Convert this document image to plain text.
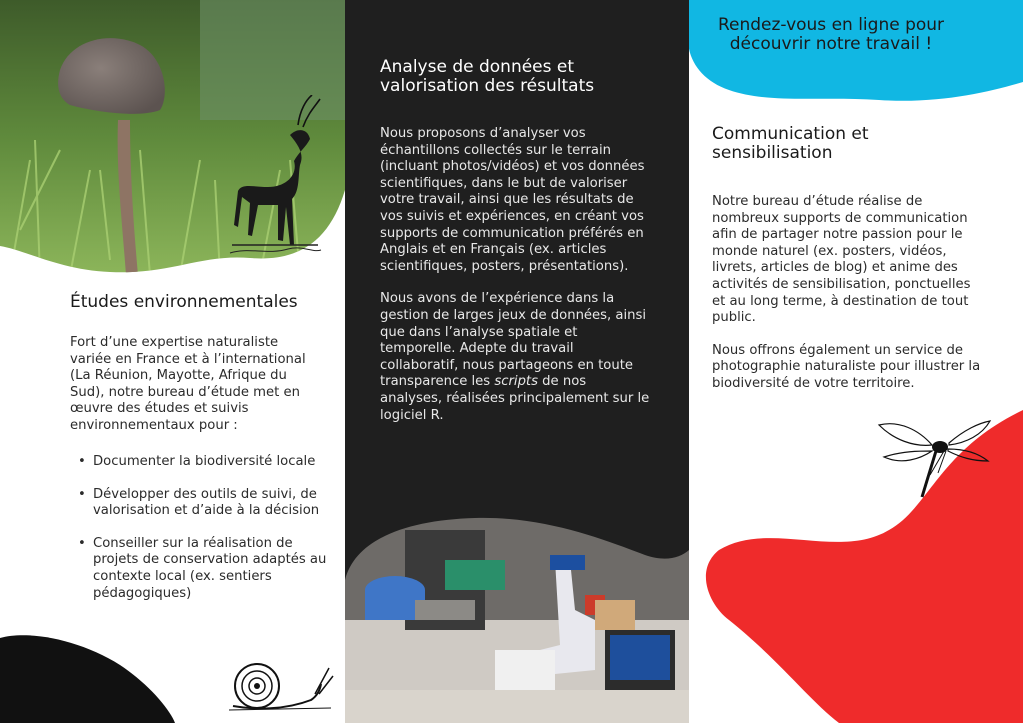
Études environnementales
Fort d’une expertise naturaliste variée en France et à l’international (La Réunion, Mayotte, Afrique du Sud), notre bureau d’étude met en œuvre des études et suivis environnementaux pour :
• Documenter la biodiversité locale
• Développer des outils de suivi, de valorisation et d’aide à la décision
• Conseiller sur la réalisation de projets de conservation adaptés au contexte local (ex. sentiers pédagogiques)
Analyse de données et valorisation des résultats

Nous proposons d’analyser vos échantillons collectés sur le terrain (incluant photos/vidéos) et vos données scientifiques, dans le but de valoriser votre travail, ainsi que les résultats de vos suivis et expériences, en créant vos supports de communication préférés en Anglais et en Français (ex. articles scientifiques, posters, présentations).

Nous avons de l’expérience dans la gestion de larges jeux de données, ainsi que dans l’analyse spatiale et temporelle. Adepte du travail collaboratif, nous partageons en toute transparence les scripts de nos analyses, réalisées principalement sur le logiciel R.

Rendez-vous en ligne pour découvrir notre travail !
Communication et sensibilisation

Notre bureau d’étude réalise de nombreux supports de communication afin de partager notre passion pour le monde naturel (ex. posters, vidéos, livrets, articles de blog) et anime des activités de sensibilisation, ponctuelles et au long terme, à destination de tout public.

Nous offrons également un service de photographie naturaliste pour illustrer la biodiversité de votre territoire.
